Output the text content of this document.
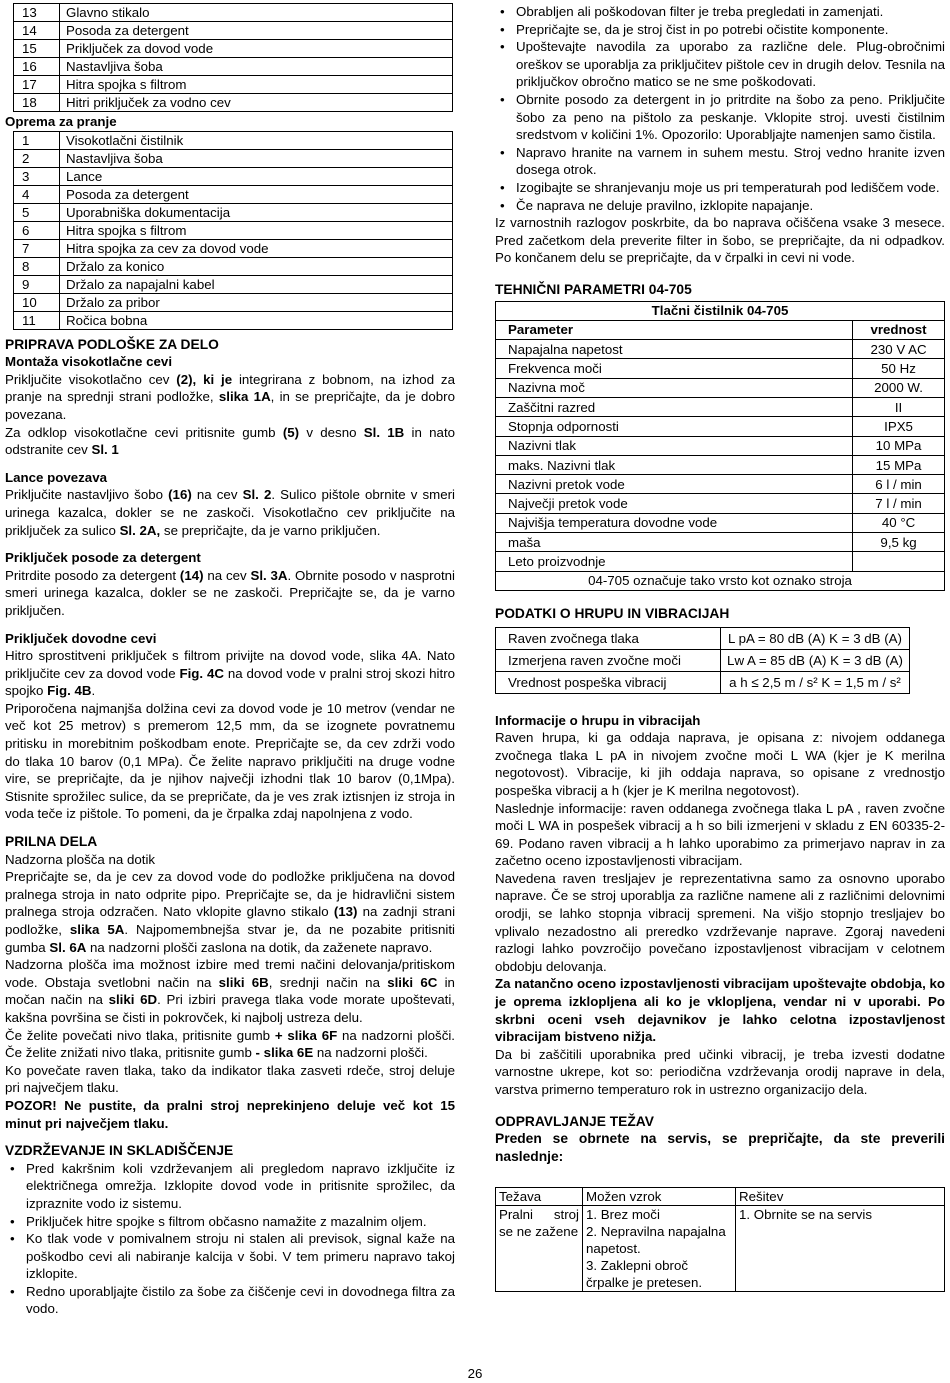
13	Glavno stikalo
14	Posoda za detergent
15	Priključek za dovod vode
16	Nastavljiva šoba
17	Hitra spojka s filtrom
18	Hitri priključek za vodno cev
Oprema za pranje
1	Visokotlačni čistilnik
2	Nastavljiva šoba
3	Lance
4	Posoda za detergent
5	Uporabniška dokumentacija
6	Hitra spojka s filtrom
7	Hitra spojka za cev za dovod vode
8	Držalo za konico
9	Držalo za napajalni kabel
10	Držalo za pribor
11	Ročica bobna
PRIPRAVA PODLOŠKE ZA DELO
Montaža visokotlačne cevi

Priključite visokotlačno cev (2), ki je integrirana z bobnom, na izhod za pranje na sprednji strani podložke, slika 1A, in se prepričajte, da je dobro povezana.

Za odklop visokotlačne cevi pritisnite gumb (5) v desno Sl. 1B in nato odstranite cev Sl. 1

Lance povezava

Priključite nastavljivo šobo (16) na cev Sl. 2. Sulico pištole obrnite v smeri urinega kazalca, dokler se ne zaskoči. Visokotlačno cev priključite na priključek za sulico Sl. 2A, se prepričajte, da je varno priključen.

Priključek posode za detergent

Pritrdite posodo za detergent (14) na cev Sl. 3A. Obrnite posodo v nasprotni smeri urinega kazalca, dokler se ne zaskoči. Prepričajte se, da je varno priključen.

Priključek dovodne cevi

Hitro sprostitveni priključek s filtrom privijte na dovod vode, slika 4A. Nato priključite cev za dovod vode Fig. 4C na dovod vode v pralni stroj skozi hitro spojko Fig. 4B.

Priporočena najmanjša dolžina cevi za dovod vode je 10 metrov (vendar ne več kot 25 metrov) s premerom 12,5 mm, da se izognete povratnemu pritisku in morebitnim poškodbam enote. Prepričajte se, da cev zdrži vodo do tlaka 10 barov (0,1 MPa). Če želite napravo priključiti na druge vodne vire, se prepričajte, da je njihov največji izhodni tlak 10 barov (0,1Mpa). Stisnite sprožilec sulice, da se prepričate, da je ves zrak iztisnjen iz stroja in voda teče iz pištole. To pomeni, da je črpalka zdaj napolnjena z vodo.

PRILNA DELA
Nadzorna plošča na dotik

Prepričajte se, da je cev za dovod vode do podložke priključena na dovod pralnega stroja in nato odprite pipo. Prepričajte se, da je hidravlični sistem pralnega stroja odzračen. Nato vklopite glavno stikalo (13) na zadnji strani podložke, slika 5A. Najpomembnejša stvar je, da ne pozabite pritisniti gumba Sl. 6A na nadzorni plošči zaslona na dotik, da zaženete napravo.

Nadzorna plošča ima možnost izbire med tremi načini delovanja/pritiskom vode. Obstaja svetlobni način na sliki 6B, srednji način na sliki 6C in močan način na sliki 6D. Pri izbiri pravega tlaka vode morate upoštevati, kakšna površina se čisti in pokrovček, ki najbolj ustreza delu.

Če želite povečati nivo tlaka, pritisnite gumb + slika 6F na nadzorni plošči. Če želite znižati nivo tlaka, pritisnite gumb - slika 6E na nadzorni plošči.

Ko povečate raven tlaka, tako da indikator tlaka zasveti rdeče, stroj deluje pri največjem tlaku.

POZOR! Ne pustite, da pralni stroj neprekinjeno deluje več kot 15 minut pri največjem tlaku.

VZDRŽEVANJE IN SKLADIŠČENJE
• Pred kakršnim koli vzdrževanjem ali pregledom napravo izključite iz električnega omrežja. Izklopite dovod vode in pritisnite sprožilec, da izpraznite vodo iz sistemu.
• Priključek hitre spojke s filtrom občasno namažite z mazalnim oljem.
• Ko tlak vode v pomivalnem stroju ni stalen ali previsok, signal kaže na poškodbo cevi ali nabiranje kalcija v šobi. V tem primeru napravo takoj izklopite.
• Redno uporabljajte čistilo za šobe za čiščenje cevi in dovodnega filtra za vodo.
• Obrabljen ali poškodovan filter je treba pregledati in zamenjati.
• Prepričajte se, da je stroj čist in po potrebi očistite komponente.
• Upoštevajte navodila za uporabo za različne dele. Plug-obročnimi oreškov se uporablja za priključitev pištole cev in drugih delov. Tesnila na priključkov obročno matico se ne sme poškodovati.
• Obrnite posodo za detergent in jo pritrdite na šobo za peno. Priključite šobo za peno na pištolo za peskanje. Vklopite stroj. uvesti čistilnim sredstvom v količini 1%. Opozorilo: Uporabljajte namenjen samo čistila.
• Napravo hranite na varnem in suhem mestu. Stroj vedno hranite izven dosega otrok.
• Izogibajte se shranjevanju moje us pri temperaturah pod lediščem vode.
• Če naprava ne deluje pravilno, izklopite napajanje.

Iz varnostnih razlogov poskrbite, da bo naprava očiščena vsake 3 mesece. Pred začetkom dela preverite filter in šobo, se prepričajte, da ni odpadkov. Po končanem delu se prepričajte, da v črpalki in cevi ni vode.

TEHNIČNI PARAMETRI 04-705
Tlačni čistilnik 04-705	
Parameter	vrednost
Napajalna napetost	230 V AC
Frekvenca moči	50 Hz
Nazivna moč	2000 W.
Zaščitni razred	II
Stopnja odpornosti	IPX5
Nazivni tlak	10 MPa
maks. Nazivni tlak	15 MPa
Nazivni pretok vode	6 l / min
Največji pretok vode	7 l / min
Najvišja temperatura dovodne vode	40 °C
maša	9,5 kg
Leto proizvodnje	
04-705 označuje tako vrsto kot oznako stroja	
PODATKI O HRUPU IN VIBRACIJAH
Raven zvočnega tlaka	L pA = 80 dB (A) K = 3 dB (A)
Izmerjena raven zvočne moči	Lw A = 85 dB (A) K = 3 dB (A)
Vrednost pospeška vibracij	a h ≤ 2,5 m / s² K = 1,5 m / s²
Informacije o hrupu in vibracijah

Raven hrupa, ki ga oddaja naprava, je opisana z: nivojem oddanega zvočnega tlaka L pA in nivojem zvočne moči L WA (kjer je K merilna negotovost). Vibracije, ki jih oddaja naprava, so opisane z vrednostjo pospeška vibracij a h (kjer je K merilna negotovost).

Naslednje informacije: raven oddanega zvočnega tlaka L pA , raven zvočne moči L WA in pospešek vibracij a h so bili izmerjeni v skladu z EN 60335-2-69. Podano raven vibracij a h lahko uporabimo za primerjavo naprav in za začetno oceno izpostavljenosti vibracijam.

Navedena raven tresljajev je reprezentativna samo za osnovno uporabo naprave. Če se stroj uporablja za različne namene ali z različnimi delovnimi orodji, se lahko stopnja vibracij spremeni. Na višjo stopnjo tresljajev bo vplivalo nezadostno ali preredko vzdrževanje naprave. Zgoraj navedeni razlogi lahko povzročijo povečano izpostavljenost vibracijam v celotnem obdobju delovanja.

Za natančno oceno izpostavljenosti vibracijam upoštevajte obdobja, ko je oprema izklopljena ali ko je vklopljena, vendar ni v uporabi. Po skrbni oceni vseh dejavnikov je lahko celotna izpostavljenost vibracijam bistveno nižja.

Da bi zaščitili uporabnika pred učinki vibracij, je treba izvesti dodatne varnostne ukrepe, kot so: periodična vzdrževanja orodij naprave in dela, varstva primerno temperaturo rok in ustrezno organizacijo dela.

ODPRAVLJANJE TEŽAV

Preden se obrnete na servis, se prepričajte, da ste preverili naslednje:

Težava	Možen vzrok	Rešitev
Pralni stroj se ne zažene	1. Brez moči
2. Nepravilna napajalna napetost.
3. Zaklepni obroč črpalke je pretesen.	1. Obrnite se na servis
26
